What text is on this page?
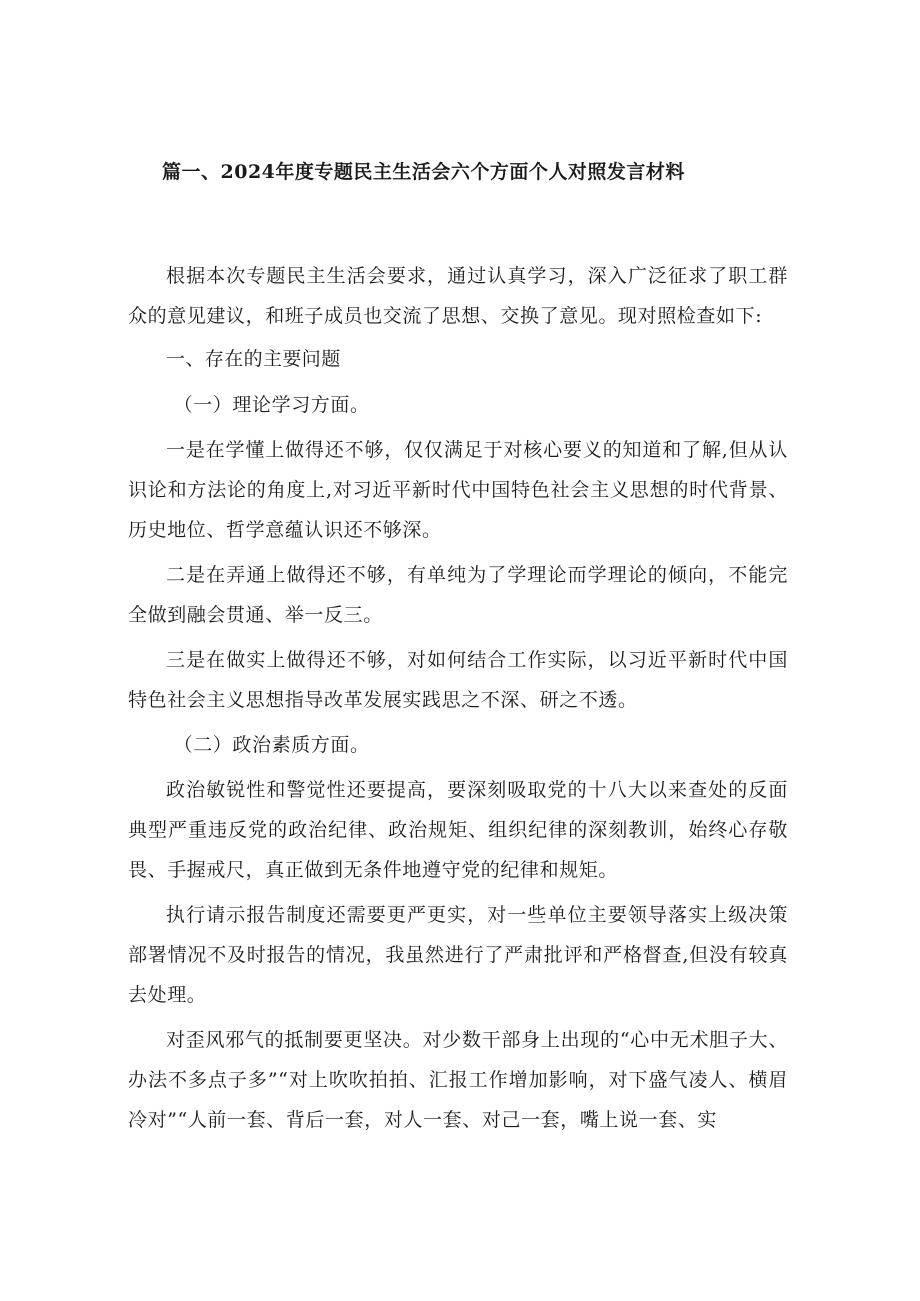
篇一、2024年度专题民主生活会六个方面个人对照发言材料

根据本次专题民主生活会要求，通过认真学习，深入广泛征求了职工群众的意见建议，和班子成员也交流了思想、交换了意见。现对照检查如下:

一、存在的主要问题

（一）理论学习方面。

一是在学懂上做得还不够，仅仅满足于对核心要义的知道和了解,但从认识论和方法论的角度上,对习近平新时代中国特色社会主义思想的时代背景、历史地位、哲学意蕴认识还不够深。

二是在弄通上做得还不够，有单纯为了学理论而学理论的倾向，不能完全做到融会贯通、举一反三。

三是在做实上做得还不够，对如何结合工作实际，以习近平新时代中国特色社会主义思想指导改革发展实践思之不深、研之不透。

（二）政治素质方面。

政治敏锐性和警觉性还要提高，要深刻吸取党的十八大以来查处的反面典型严重违反党的政治纪律、政治规矩、组织纪律的深刻教训，始终心存敬畏、手握戒尺，真正做到无条件地遵守党的纪律和规矩。

执行请示报告制度还需要更严更实，对一些单位主要领导落实上级决策部署情况不及时报告的情况，我虽然进行了严肃批评和严格督查,但没有较真去处理。

对歪风邪气的抵制要更坚决。对少数干部身上出现的“心中无术胆子大、办法不多点子多”“对上吹吹拍拍、汇报工作增加影响，对下盛气凌人、横眉冷对”“人前一套、背后一套，对人一套、对己一套，嘴上说一套、实
